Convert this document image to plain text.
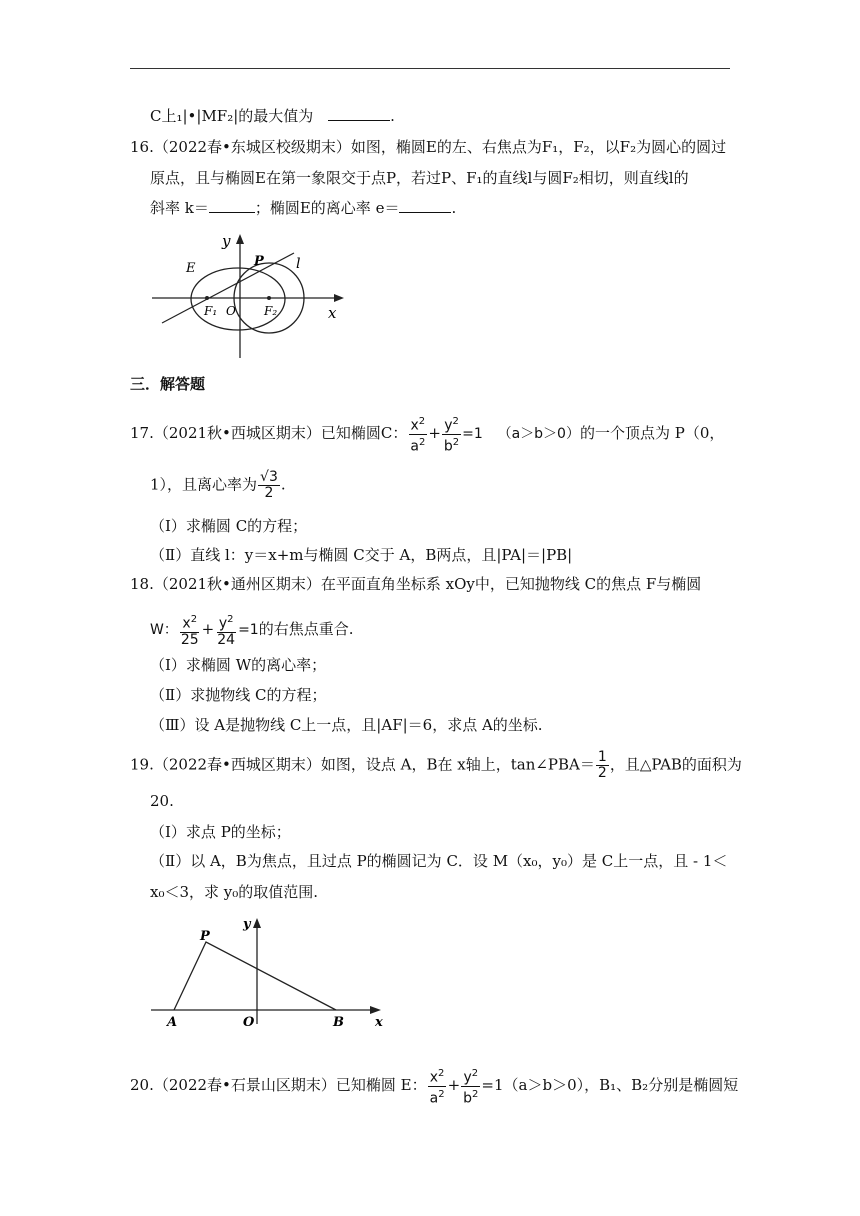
C上₁|•|MF₂|的最大值为	.
16.（2022春•东城区校级期末）如图，椭圆E的左、右焦点为F₁，F₂，以F₂为圆心的圆过
原点，且与椭圆E在第一象限交于点P，若过P、F₁的直线l与圆F₂相切，则直线l的
斜率 k＝	；椭圆E的离心率 e＝	.
y
x
E	P l
F₁ O F₂
三．解答题
17.（2021秋•西城区期末）已知椭圆C： $\frac{x^2}{a^2} + \frac{y^2}{b^2} =1$ （a＞b＞0）的一个顶点为 P（0，
1），且离心率为 $\frac{√3}{2}$ .
（Ⅰ）求椭圆 C的方程；
（Ⅱ）直线 l：y＝x+m与椭圆 C交于 A，B两点，且|PA|＝|PB|
18.（2021秋•通州区期末）在平面直角坐标系 xOy中，已知抛物线 C的焦点 F与椭圆
W： $\frac{x^2}{25} + \frac{y^2}{24} =1$的右焦点重合.
（Ⅰ）求椭圆 W的离心率；
（Ⅱ）求抛物线 C的方程；
（Ⅲ）设 A是抛物线 C上一点，且|AF|＝6，求点 A的坐标.
19.（2022春•西城区期末）如图，设点 A，B在 x轴上，tan∠PBA＝ $\frac{1}{2}$ ，且△PAB的面积为
20.
（Ⅰ）求点 P的坐标；
（Ⅱ）以 A，B为焦点，且过点 P的椭圆记为 C．设 M（x₀，y₀）是 C上一点，且 - 1＜
x₀＜3，求 y₀的取值范围.
y
x
P
A	O	B
20.（2022春•石景山区期末）已知椭圆 E： $\frac{x^2}{a^2} + \frac{y^2}{b^2} =1(a>b>0)$，B₁、B₂分别是椭圆短
